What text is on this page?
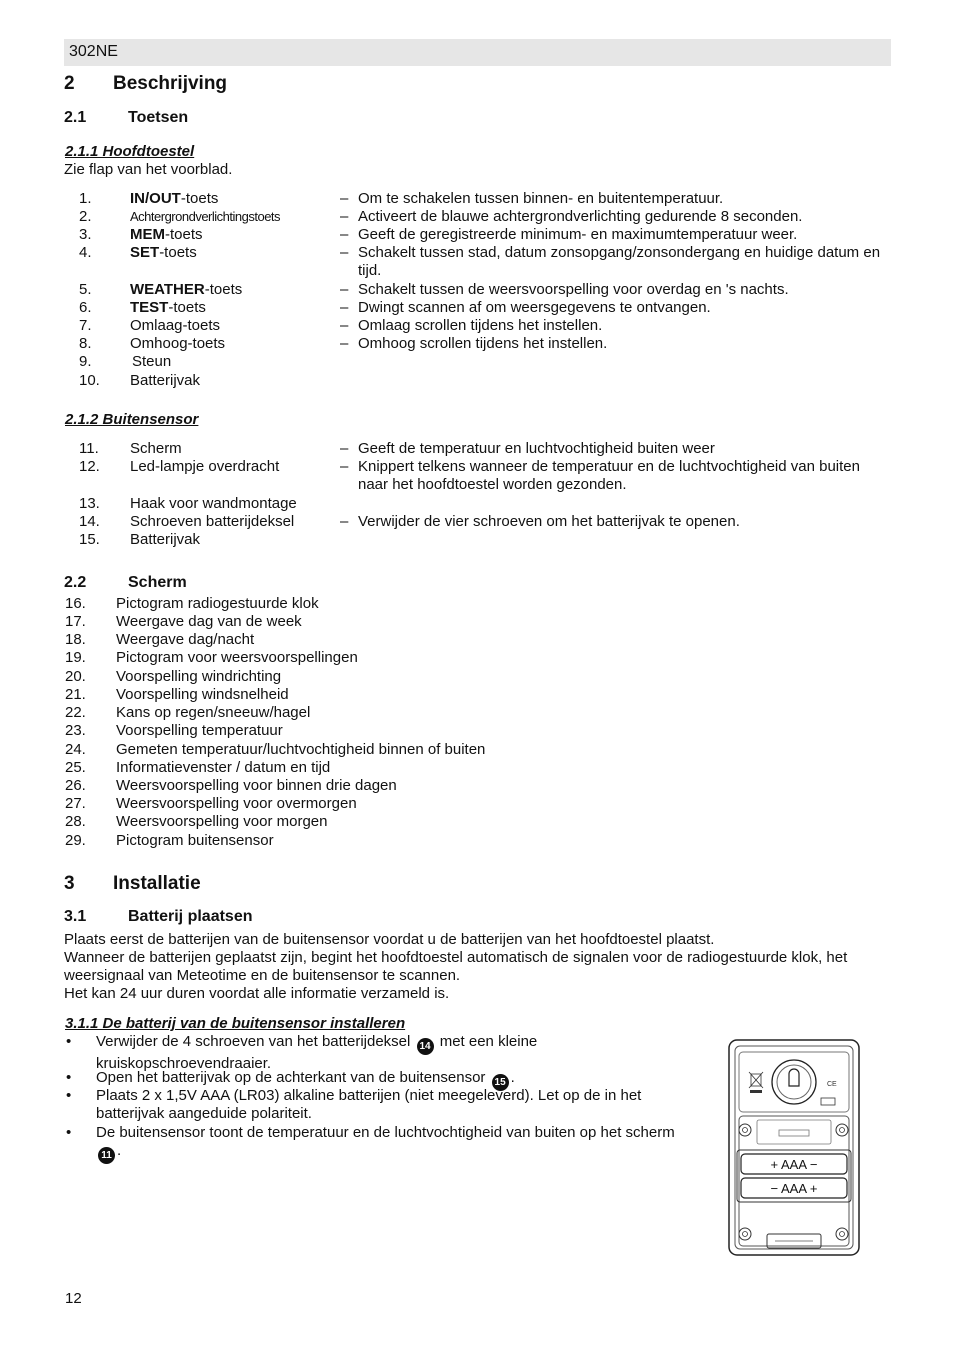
302NE
2 Beschrijving
2.1	Toetsen
2.1.1 Hoofdtoestel
Zie flap van het voorblad.
1.	IN/OUT-toets	– Om te schakelen tussen binnen- en buitentemperatuur.
2.	Achtergrondverlichtingstoets	– Activeert de blauwe achtergrondverlichting gedurende 8 seconden.
3.	MEM-toets	– Geeft de geregistreerde minimum- en maximumtemperatuur weer.
4.	SET-toets	– Schakelt tussen stad, datum zonsopgang/zonsondergang en huidige datum en tijd.
5.	WEATHER-toets	– Schakelt tussen de weersvoorspelling voor overdag en 's nachts.
6.	TEST-toets	– Dwingt scannen af om weersgegevens te ontvangen.
7.	Omlaag-toets	– Omlaag scrollen tijdens het instellen.
8.	Omhoog-toets	– Omhoog scrollen tijdens het instellen.
9.	Steun
10. Batterijvak
2.1.2 Buitensensor
11. Scherm	– Geeft de temperatuur en luchtvochtigheid buiten weer
12. Led-lampje overdracht	– Knippert telkens wanneer de temperatuur en de luchtvochtigheid van buiten naar het hoofdtoestel worden gezonden.
13. Haak voor wandmontage
14. Schroeven batterijdeksel	– Verwijder de vier schroeven om het batterijvak te openen.
15. Batterijvak
2.2	Scherm
16. Pictogram radiogestuurde klok
17. Weergave dag van de week
18. Weergave dag/nacht
19. Pictogram voor weersvoorspellingen
20. Voorspelling windrichting
21. Voorspelling windsnelheid
22. Kans op regen/sneeuw/hagel
23. Voorspelling temperatuur
24. Gemeten temperatuur/luchtvochtigheid binnen of buiten
25. Informatievenster / datum en tijd
26. Weersvoorspelling voor binnen drie dagen
27. Weersvoorspelling voor overmorgen
28. Weersvoorspelling voor morgen
29. Pictogram buitensensor
3 Installatie
3.1	Batterij plaatsen
Plaats eerst de batterijen van de buitensensor voordat u de batterijen van het hoofdtoestel plaatst.
Wanneer de batterijen geplaatst zijn, begint het hoofdtoestel automatisch de signalen voor de radiogestuurde klok, het
weersignaal van Meteotime en de buitensensor te scannen.
Het kan 24 uur duren voordat alle informatie verzameld is.
3.1.1 De batterij van de buitensensor installeren
• Verwijder de 4 schroeven van het batterijdeksel 14 met een kleine kruiskopschroevendraaier.
• Open het batterijvak op de achterkant van de buitensensor 15 .
• Plaats 2 x 1,5V AAA (LR03) alkaline batterijen (niet meegeleverd). Let op de in het batterijvak aangeduide polariteit.
• De buitensensor toont de temperatuur en de luchtvochtigheid van buiten op het scherm 11 .
CE
+ AAA −
− AAA +
12
